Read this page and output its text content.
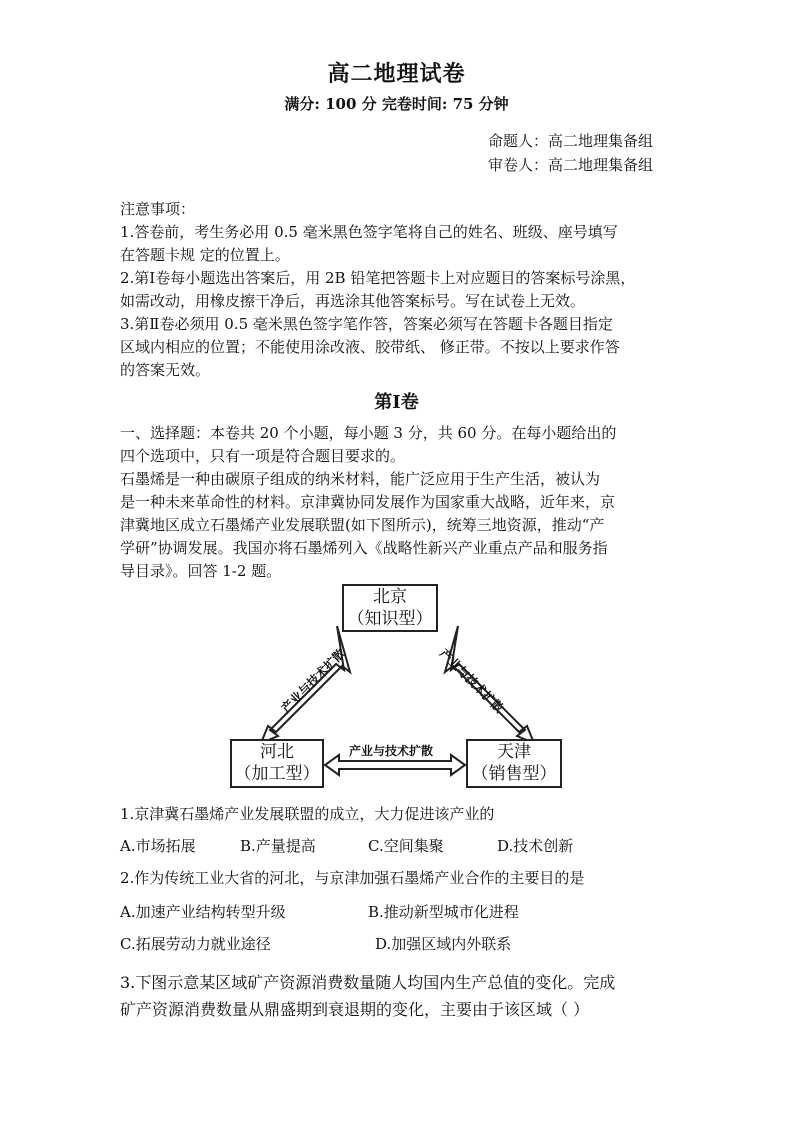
高二地理试卷
满分: 100 分 完卷时间: 75 分钟
命题人：高二地理集备组
审卷人：高二地理集备组
注意事项：
1.答卷前，考生务必用 0.5 毫米黑色签字笔将自己的姓名、班级、座号填写
在答题卡规 定的位置上。
2.第Ⅰ卷每小题选出答案后，用 2B 铅笔把答题卡上对应题目的答案标号涂黑，
如需改动，用橡皮擦干净后，再选涂其他答案标号。写在试卷上无效。
3.第Ⅱ卷必须用 0.5 毫米黑色签字笔作答，答案必须写在答题卡各题目指定
区域内相应的位置；不能使用涂改液、胶带纸、 修正带。不按以上要求作答
的答案无效。
第Ⅰ卷
一、选择题：本卷共 20 个小题，每小题 3 分，共 60 分。在每小题给出的
四个选项中，只有一项是符合题目要求的。
石墨烯是一种由碳原子组成的纳米材料，能广泛应用于生产生活，被认为
是一种未来革命性的材料。京津冀协同发展作为国家重大战略，近年来，京
津冀地区成立石墨烯产业发展联盟(如下图所示)，统筹三地资源，推动“产
学研”协调发展。我国亦将石墨烯列入《战略性新兴产业重点产品和服务指
导目录》。回答 1-2 题。
北京
（知识型）
河北
（加工型）
天津
（销售型）
产业与技术扩散	产业与技术扩散
产业与技术扩散
1.京津冀石墨烯产业发展联盟的成立，大力促进该产业的
A.市场拓展	B.产量提高	C.空间集聚	D.技术创新
2.作为传统工业大省的河北，与京津加强石墨烯产业合作的主要目的是
A.加速产业结构转型升级	B.推动新型城市化进程
C.拓展劳动力就业途径	D.加强区域内外联系
3.下图示意某区域矿产资源消费数量随人均国内生产总值的变化。完成
矿产资源消费数量从鼎盛期到衰退期的变化，主要由于该区域（ ）
